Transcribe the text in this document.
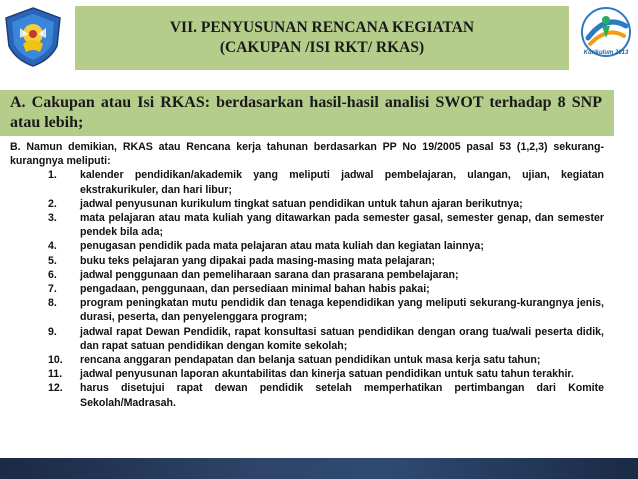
VII. PENYUSUNAN RENCANA KEGIATAN
(CAKUPAN /ISI RKT/ RKAS)	Kurikulum 2013
A. Cakupan atau Isi RKAS: berdasarkan hasil-hasil analisi SWOT terhadap 8 SNP atau lebih;

B. Namun demikian, RKAS atau Rencana kerja tahunan berdasarkan PP No 19/2005 pasal 53 (1,2,3) sekurang-kurangnya meliputi:

1.	kalender pendidikan/akademik yang meliputi jadwal pembelajaran, ulangan, ujian, kegiatan ekstrakurikuler, dan hari libur;
2.	jadwal penyusunan kurikulum tingkat satuan pendidikan untuk tahun ajaran berikutnya;
3.	mata pelajaran atau mata kuliah yang ditawarkan pada semester gasal, semester genap, dan semester pendek bila ada;
4.	penugasan pendidik pada mata pelajaran atau mata kuliah dan kegiatan lainnya;
5.	buku teks pelajaran yang dipakai pada masing-masing mata pelajaran;
6.	jadwal penggunaan dan pemeliharaan sarana dan prasarana pembelajaran;
7.	pengadaan, penggunaan, dan persediaan minimal bahan habis pakai;
8.	program peningkatan mutu pendidik dan tenaga kependidikan yang meliputi sekurang-kurangnya jenis, durasi, peserta, dan penyelenggara program;
9.	jadwal rapat Dewan Pendidik, rapat konsultasi satuan pendidikan dengan orang tua/wali peserta didik, dan rapat satuan pendidikan dengan komite sekolah;
10.	rencana anggaran pendapatan dan belanja satuan pendidikan untuk masa kerja satu tahun;
11.	jadwal penyusunan laporan akuntabilitas dan kinerja satuan pendidikan untuk satu tahun terakhir.
12.	harus disetujui rapat dewan pendidik setelah memperhatikan pertimbangan dari Komite Sekolah/Madrasah.
